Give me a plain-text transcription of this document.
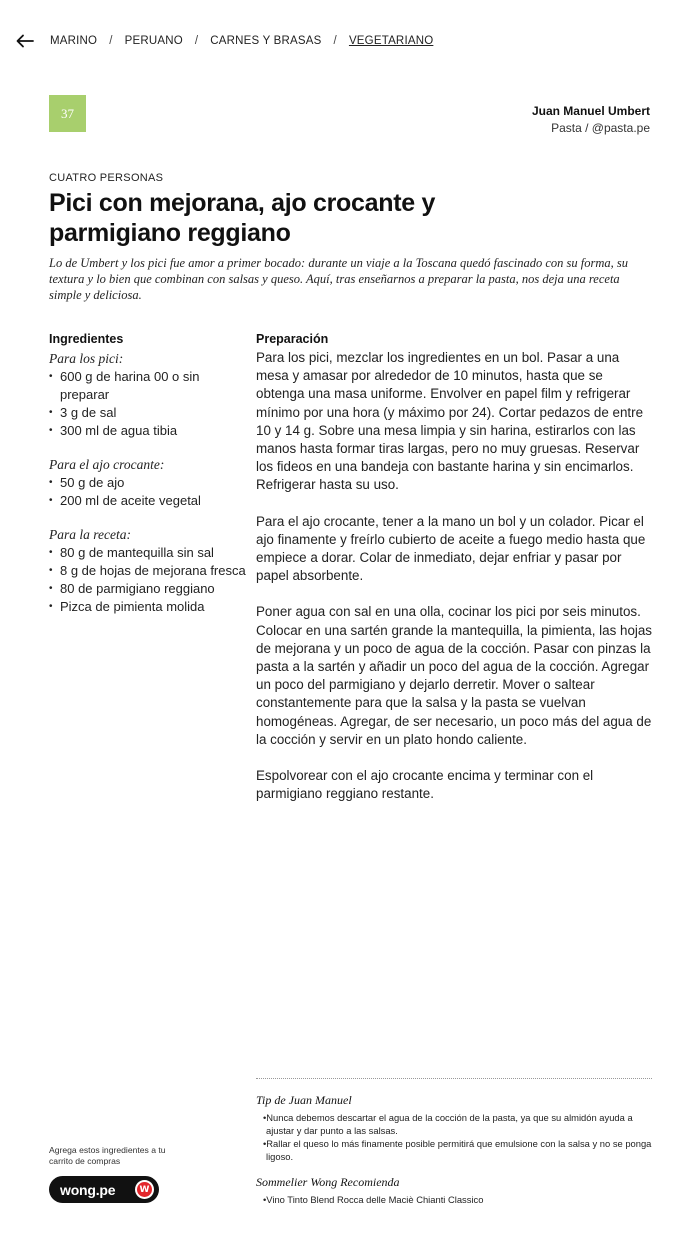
MARINO / PERUANO / CARNES Y BRASAS / VEGETARIANO
37	Juan Manuel Umbert
Pasta / @pasta.pe
CUATRO PERSONAS
Pici con mejorana, ajo crocante y parmigiano reggiano

Lo de Umbert y los pici fue amor a primer bocado: durante un viaje a la Toscana quedó fascinado con su forma, su textura y lo bien que combinan con salsas y queso. Aquí, tras enseñarnos a preparar la pasta, nos deja una receta simple y deliciosa.

Ingredientes
Para los pici:
• 600 g de harina 00 o sin preparar
• 3 g de sal
• 300 ml de agua tibia
Para el ajo crocante:
• 50 g de ajo
• 200 ml de aceite vegetal
Para la receta:
• 80 g de mantequilla sin sal
• 8 g de hojas de mejorana fresca
• 80 de parmigiano reggiano
• Pizca de pimienta molida
Preparación

Para los pici, mezclar los ingredientes en un bol. Pasar a una mesa y amasar por alrededor de 10 minutos, hasta que se obtenga una masa uniforme. Envolver en papel film y refrigerar mínimo por una hora (y máximo por 24). Cortar pedazos de entre 10 y 14 g. Sobre una mesa limpia y sin harina, estirarlos con las manos hasta formar tiras largas, pero no muy gruesas. Reservar los fideos en una bandeja con bastante harina y sin encimarlos. Refrigerar hasta su uso.

Para el ajo crocante, tener a la mano un bol y un colador. Picar el ajo finamente y freírlo cubierto de aceite a fuego medio hasta que empiece a dorar. Colar de inmediato, dejar enfriar y pasar por papel absorbente.

Poner agua con sal en una olla, cocinar los pici por seis minutos. Colocar en una sartén grande la mantequilla, la pimienta, las hojas de mejorana y un poco de agua de la cocción. Pasar con pinzas la pasta a la sartén y añadir un poco del agua de la cocción. Agregar un poco del parmigiano y dejarlo derretir. Mover o saltear constantemente para que la salsa y la pasta se vuelvan homogéneas. Agregar, de ser necesario, un poco más del agua de la cocción y servir en un plato hondo caliente.

Espolvorear con el ajo crocante encima y terminar con el parmigiano reggiano restante.

Tip de Juan Manuel
•Nunca debemos descartar el agua de la cocción de la pasta, ya que su almidón ayuda a ajustar y dar punto a las salsas.
•Rallar el queso lo más finamente posible permitirá que emulsione con la salsa y no se ponga ligoso.
Sommelier Wong Recomienda
•Vino Tinto Blend Rocca delle Maciè Chianti Classico
Agrega estos ingredientes a tu carrito de compras
wong.pe	W
